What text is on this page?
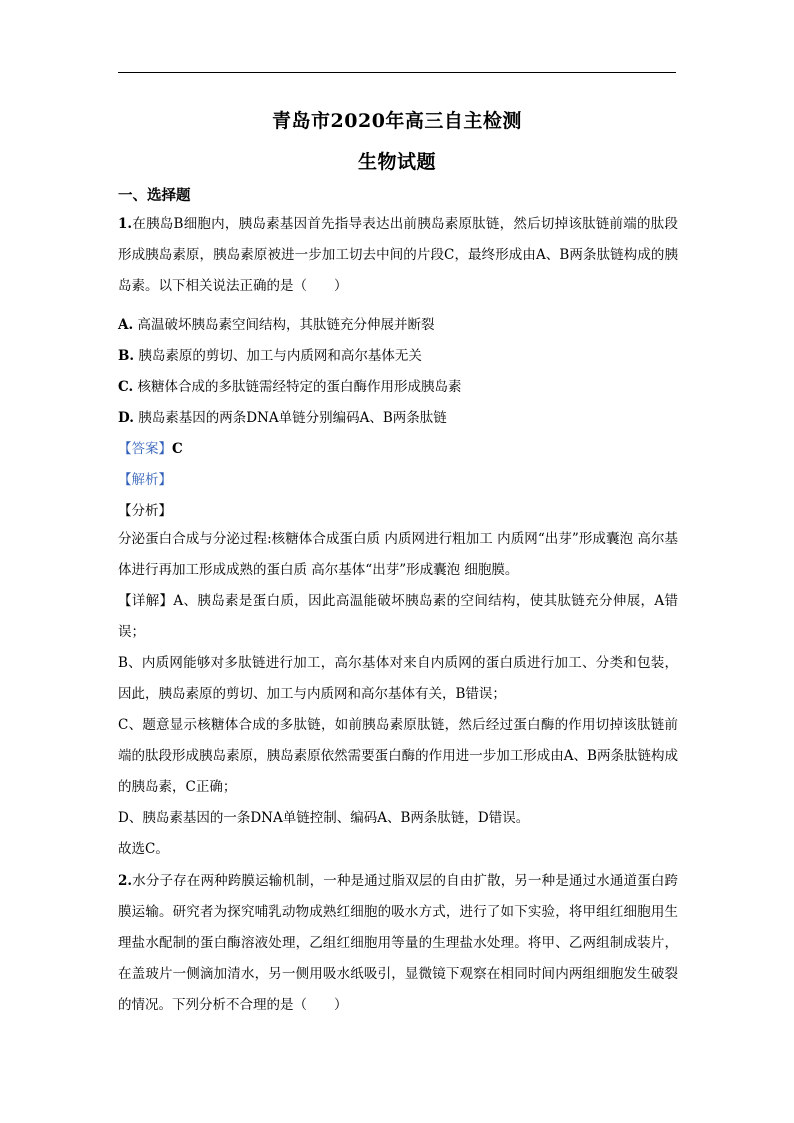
青岛市2020年高三自主检测
生物试题
一、选择题
1.在胰岛B细胞内，胰岛素基因首先指导表达出前胰岛素原肽链，然后切掉该肽链前端的肽段形成胰岛素原，胰岛素原被进一步加工切去中间的片段C，最终形成由A、B两条肽链构成的胰岛素。以下相关说法正确的是（　　）
A. 高温破坏胰岛素空间结构，其肽链充分伸展并断裂
B. 胰岛素原的剪切、加工与内质网和高尔基体无关
C. 核糖体合成的多肽链需经特定的蛋白酶作用形成胰岛素
D. 胰岛素基因的两条DNA单链分别编码A、B两条肽链
【答案】C
【解析】
【分析】
分泌蛋白合成与分泌过程:核糖体合成蛋白质 内质网进行粗加工 内质网“出芽”形成囊泡 高尔基体进行再加工形成成熟的蛋白质 高尔基体“出芽”形成囊泡 细胞膜。
【详解】A、胰岛素是蛋白质，因此高温能破坏胰岛素的空间结构，使其肽链充分伸展，A错误；
B、内质网能够对多肽链进行加工，高尔基体对来自内质网的蛋白质进行加工、分类和包装，因此，胰岛素原的剪切、加工与内质网和高尔基体有关，B错误；
C、题意显示核糖体合成的多肽链，如前胰岛素原肽链，然后经过蛋白酶的作用切掉该肽链前端的肽段形成胰岛素原，胰岛素原依然需要蛋白酶的作用进一步加工形成由A、B两条肽链构成的胰岛素，C正确；
D、胰岛素基因的一条DNA单链控制、编码A、B两条肽链，D错误。
故选C。
2.水分子存在两种跨膜运输机制，一种是通过脂双层的自由扩散，另一种是通过水通道蛋白跨膜运输。研究者为探究哺乳动物成熟红细胞的吸水方式，进行了如下实验，将甲组红细胞用生理盐水配制的蛋白酶溶液处理，乙组红细胞用等量的生理盐水处理。将甲、乙两组制成装片，在盖玻片一侧滴加清水，另一侧用吸水纸吸引，显微镜下观察在相同时间内两组细胞发生破裂的情况。下列分析不合理的是（　　）
